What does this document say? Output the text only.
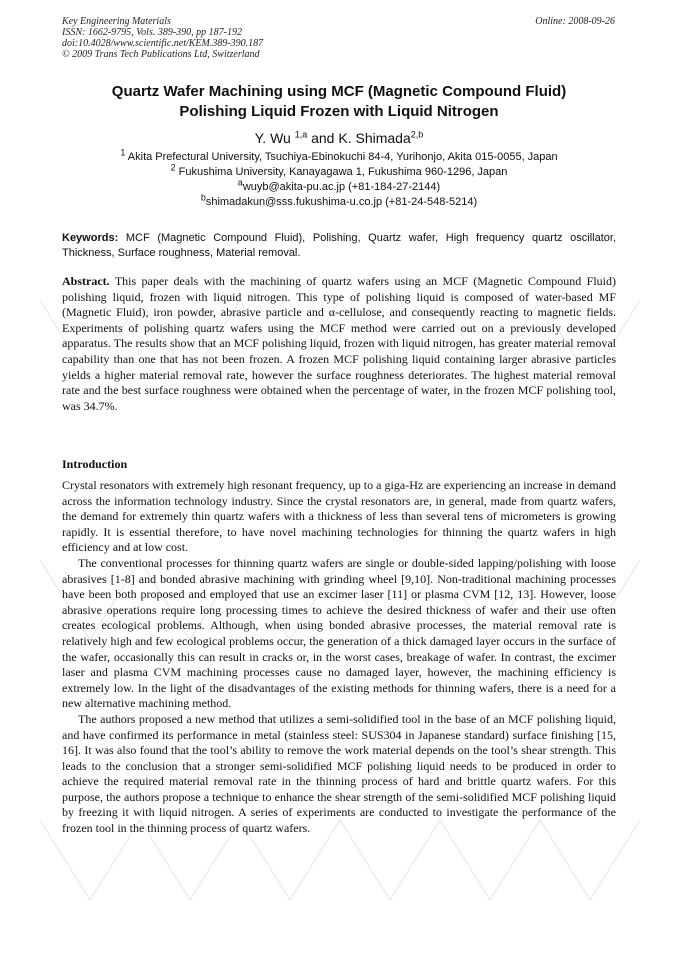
Key Engineering Materials
ISSN: 1662-9795, Vols. 389-390, pp 187-192
doi:10.4028/www.scientific.net/KEM.389-390.187
© 2009 Trans Tech Publications Ltd, Switzerland
Online: 2008-09-26
Quartz Wafer Machining using MCF (Magnetic Compound Fluid)
Polishing Liquid Frozen with Liquid Nitrogen
Y. Wu $^{1,a}$ and K. Shimada$^{2,b}$
$^1$ Akita Prefectural University, Tsuchiya-Ebinokuchi 84-4, Yurihonjo, Akita 015-0055, Japan
$^2$ Fukushima University, Kanayagawa 1, Fukushima 960-1296, Japan
$^a$wuyb@akita-pu.ac.jp (+81-184-27-2144)
$^b$shimadakun@sss.fukushima-u.co.jp (+81-24-548-5214)
Keywords: MCF (Magnetic Compound Fluid), Polishing, Quartz wafer, High frequency quartz oscillator, Thickness, Surface roughness, Material removal.
Abstract. This paper deals with the machining of quartz wafers using an MCF (Magnetic Compound Fluid) polishing liquid, frozen with liquid nitrogen. This type of polishing liquid is composed of water-based MF (Magnetic Fluid), iron powder, abrasive particle and α-cellulose, and consequently reacting to magnetic fields. Experiments of polishing quartz wafers using the MCF method were carried out on a previously developed apparatus. The results show that an MCF polishing liquid, frozen with liquid nitrogen, has greater material removal capability than one that has not been frozen. A frozen MCF polishing liquid containing larger abrasive particles yields a higher material removal rate, however the surface roughness deteriorates. The highest material removal rate and the best surface roughness were obtained when the percentage of water, in the frozen MCF polishing tool, was 34.7%.
Introduction
Crystal resonators with extremely high resonant frequency, up to a giga-Hz are experiencing an increase in demand across the information technology industry. Since the crystal resonators are, in general, made from quartz wafers, the demand for extremely thin quartz wafers with a thickness of less than several tens of micrometers is growing rapidly. It is essential therefore, to have novel machining technologies for thinning the quartz wafers in high efficiency and at low cost.
The conventional processes for thinning quartz wafers are single or double-sided lapping/polishing with loose abrasives [1-8] and bonded abrasive machining with grinding wheel [9,10]. Non-traditional machining processes have been both proposed and employed that use an excimer laser [11] or plasma CVM [12, 13]. However, loose abrasive operations require long processing times to achieve the desired thickness of wafer and their use often creates ecological problems. Although, when using bonded abrasive processes, the material removal rate is relatively high and few ecological problems occur, the generation of a thick damaged layer occurs in the surface of the wafer, occasionally this can result in cracks or, in the worst cases, breakage of wafer. In contrast, the excimer laser and plasma CVM machining processes cause no damaged layer, however, the machining efficiency is extremely low. In the light of the disadvantages of the existing methods for thinning wafers, there is a need for a new alternative machining method.
The authors proposed a new method that utilizes a semi-solidified tool in the base of an MCF polishing liquid, and have confirmed its performance in metal (stainless steel: SUS304 in Japanese standard) surface finishing [15, 16]. It was also found that the tool’s ability to remove the work material depends on the tool’s shear strength. This leads to the conclusion that a stronger semi-solidified MCF polishing liquid needs to be produced in order to achieve the required material removal rate in the thinning process of hard and brittle quartz wafers. For this purpose, the authors propose a technique to enhance the shear strength of the semi-solidified MCF polishing liquid by freezing it with liquid nitrogen. A series of experiments are conducted to investigate the performance of the frozen tool in the thinning process of quartz wafers.
